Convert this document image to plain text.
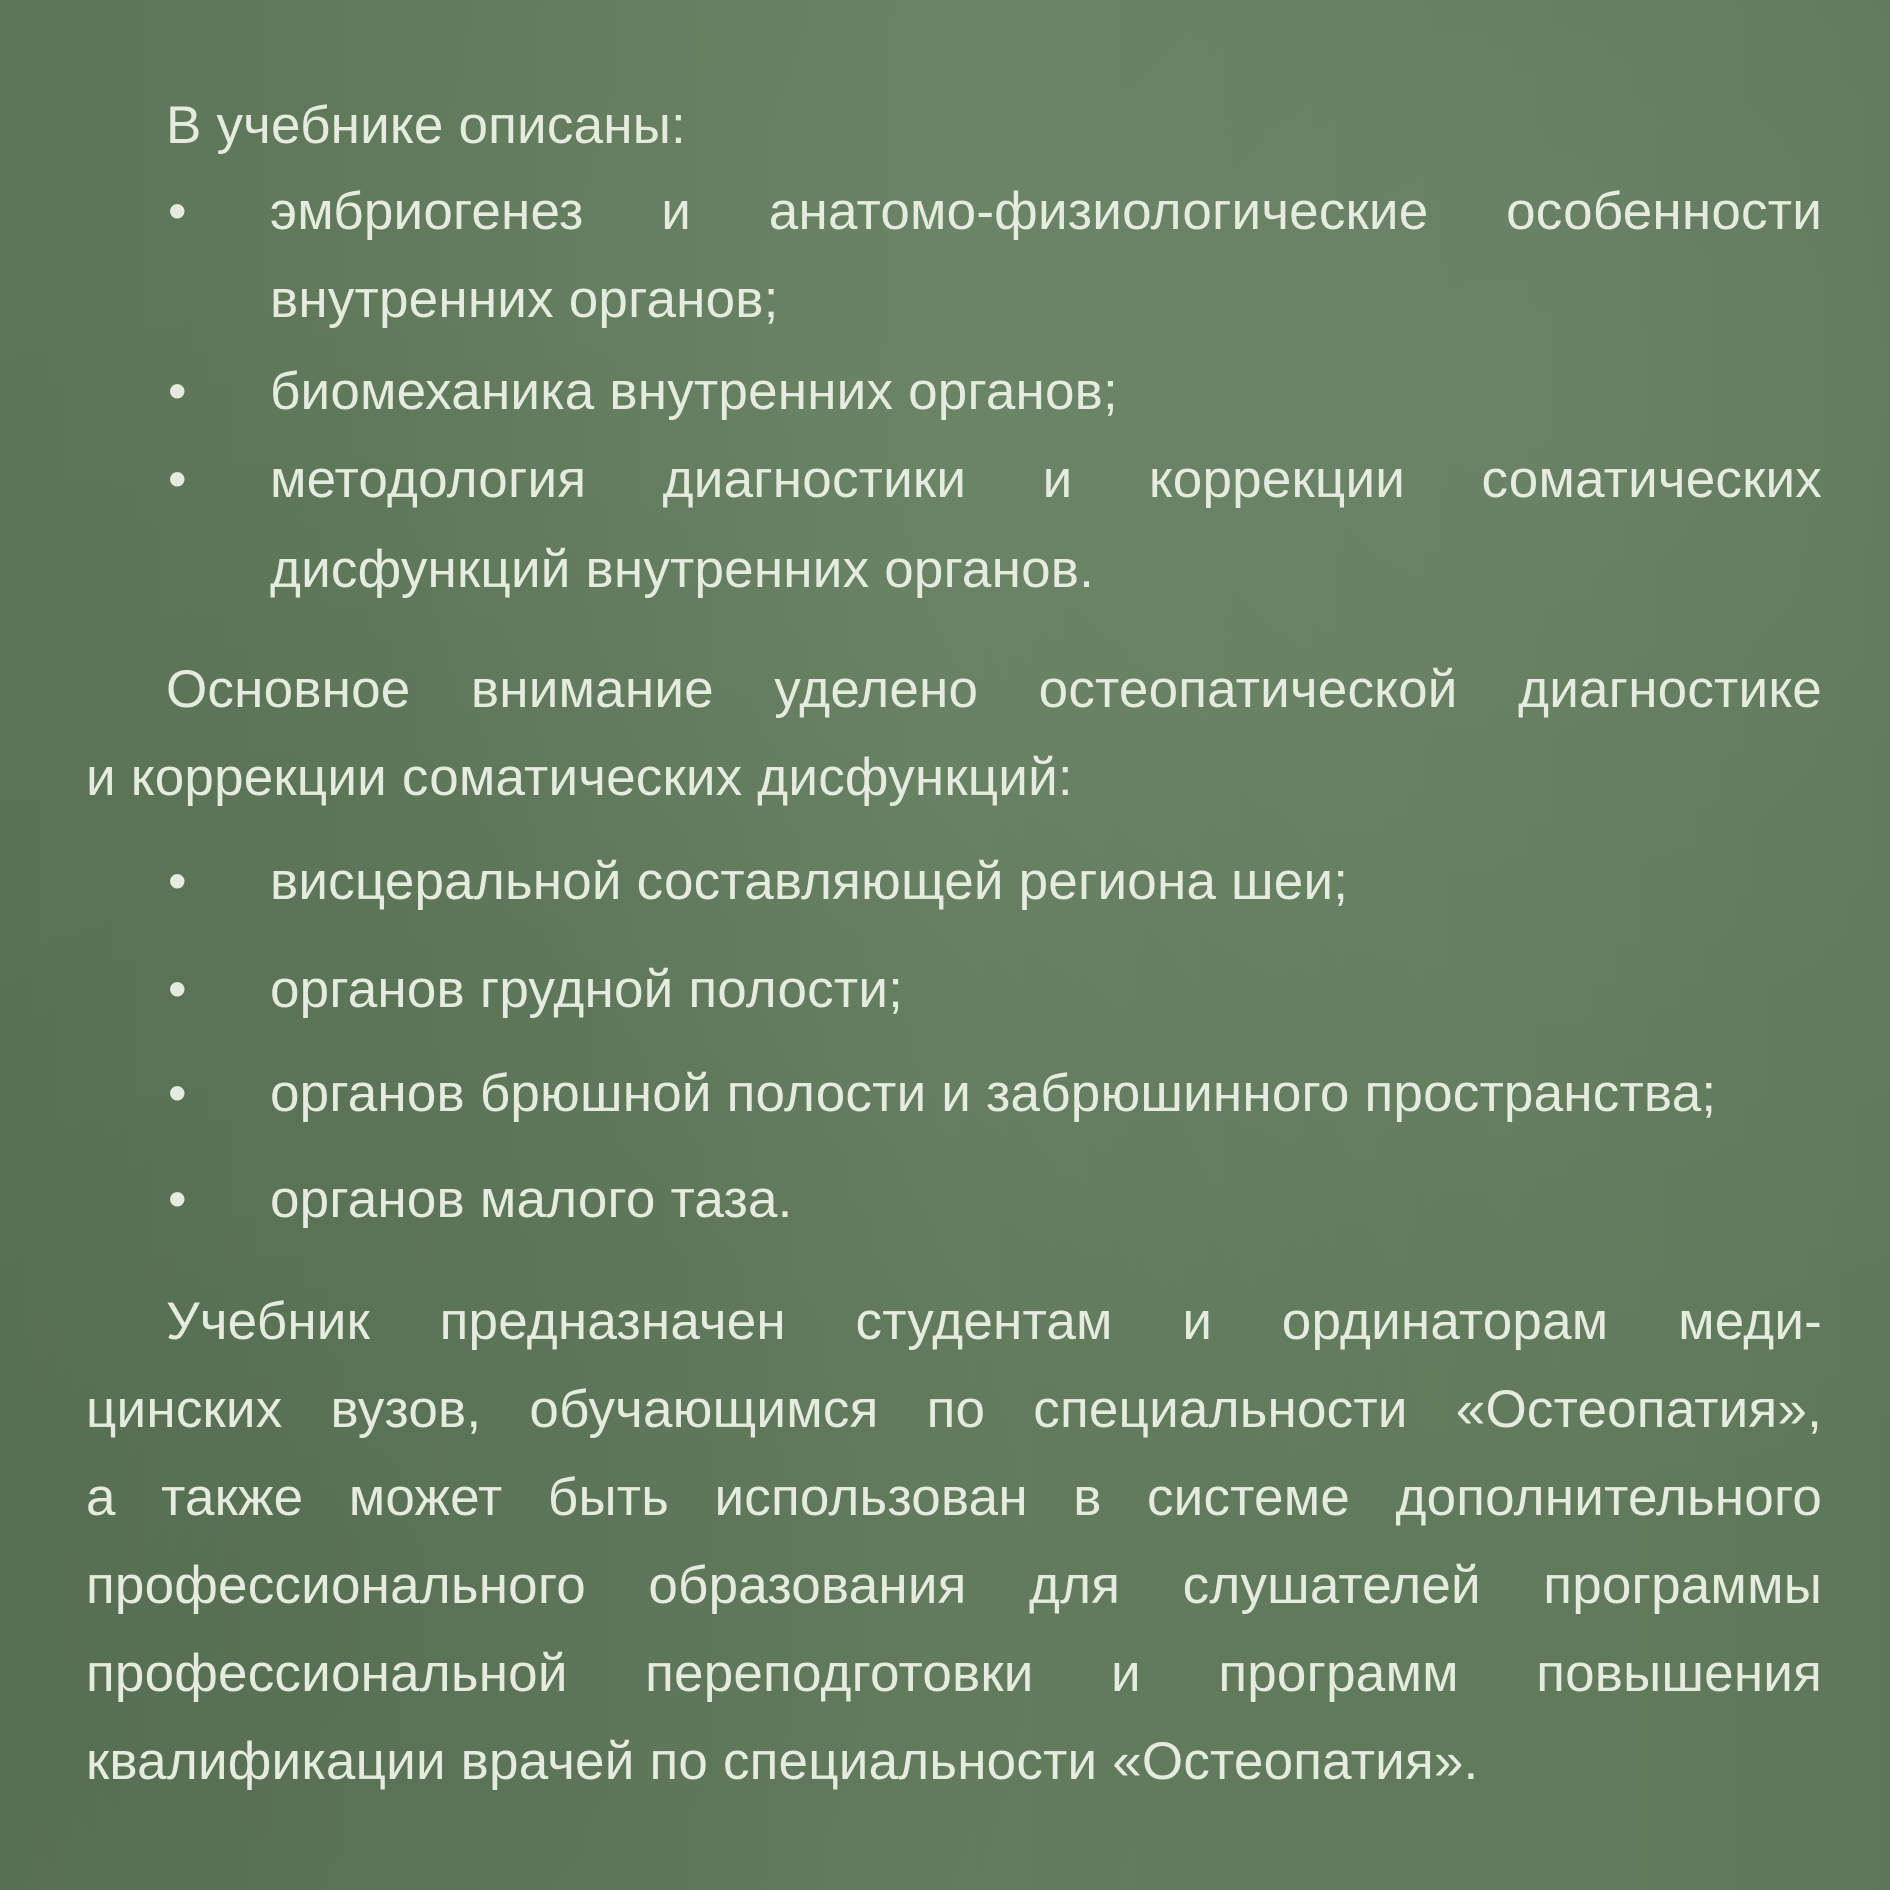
В учебнике описаны:
• эмбриогенез и анатомо-физиологические особенности
внутренних органов;
• биомеханика внутренних органов;
• методология диагностики и коррекции соматических
дисфункций внутренних органов.
Основное внимание уделено остеопатической диагностике
и коррекции соматических дисфункций:
• висцеральной составляющей региона шеи;
• органов грудной полости;
• органов брюшной полости и забрюшинного пространства;
• органов малого таза.
Учебник предназначен студентам и ординаторам меди-
цинских вузов, обучающимся по специальности «Остеопатия»,
а также может быть использован в системе дополнительного
профессионального образования для слушателей программы
профессиональной переподготовки и программ повышения
квалификации врачей по специальности «Остеопатия».
